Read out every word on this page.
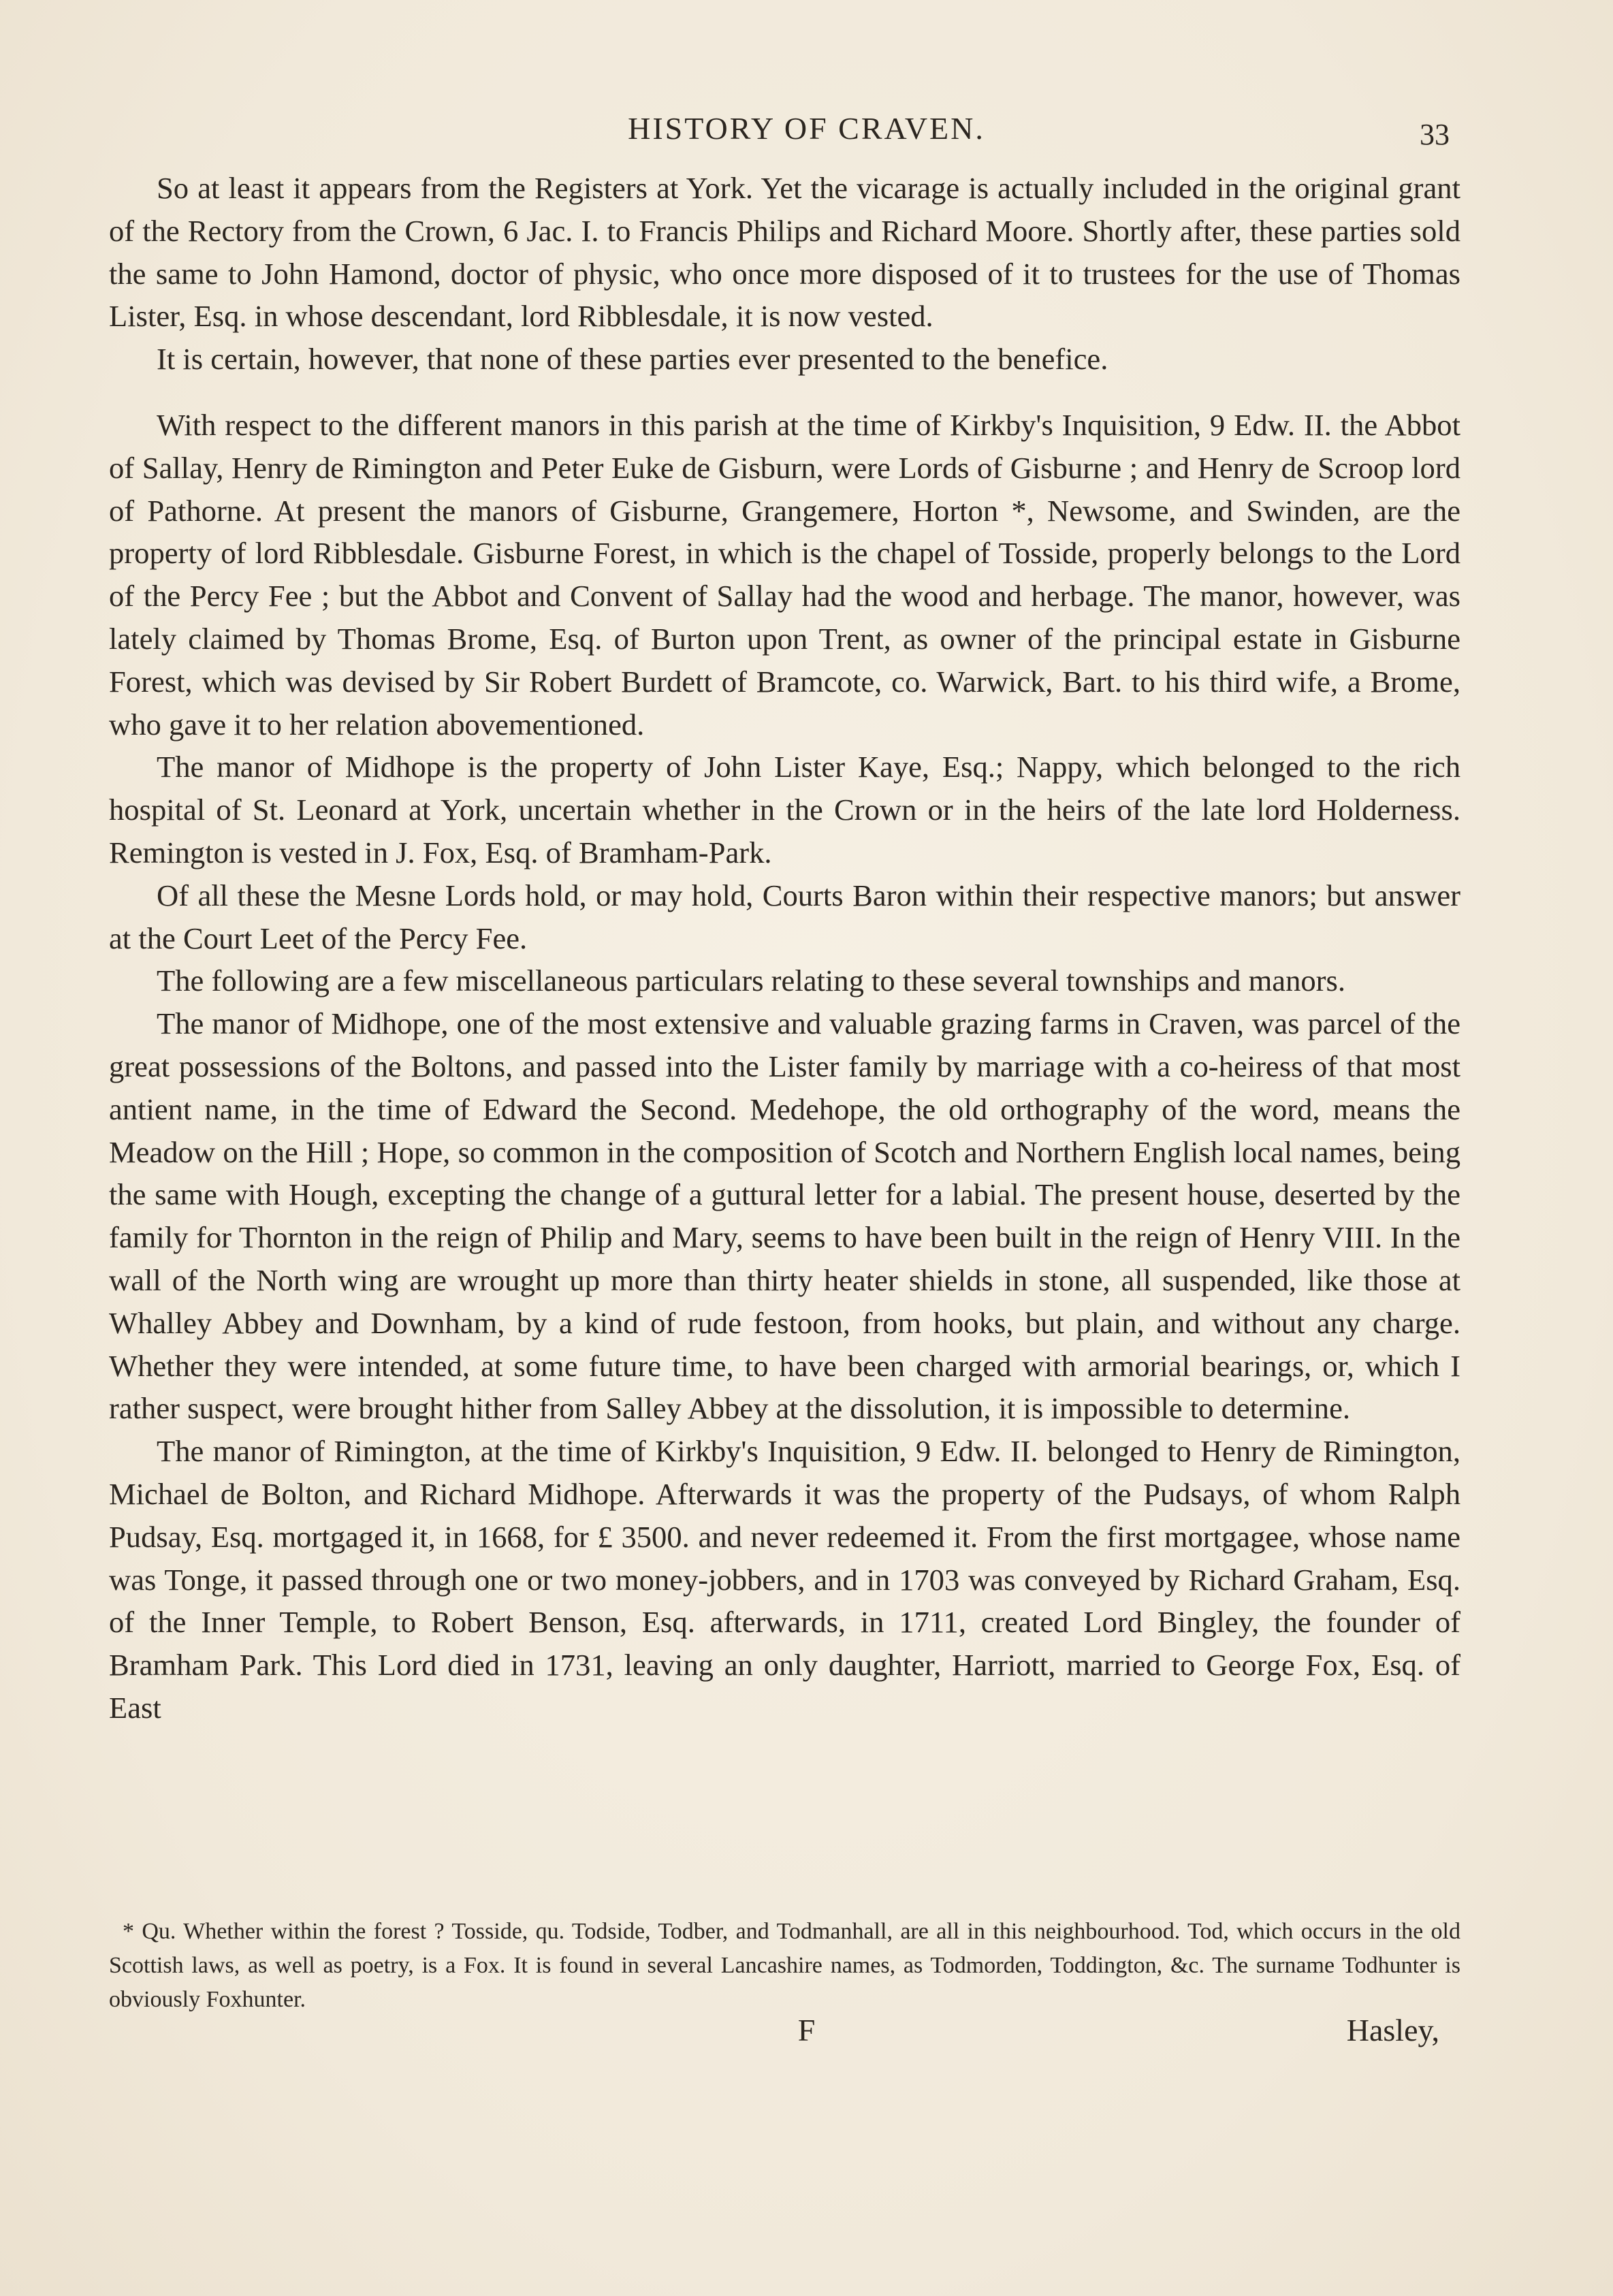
HISTORY OF CRAVEN.	33

So at least it appears from the Registers at York. Yet the vicarage is actually included in the original grant of the Rectory from the Crown, 6 Jac. I. to Francis Philips and Richard Moore. Shortly after, these parties sold the same to John Hamond, doctor of physic, who once more disposed of it to trustees for the use of Thomas Lister, Esq. in whose descendant, lord Ribblesdale, it is now vested.

It is certain, however, that none of these parties ever presented to the benefice.

With respect to the different manors in this parish at the time of Kirkby's Inquisition, 9 Edw. II. the Abbot of Sallay, Henry de Rimington and Peter Euke de Gisburn, were Lords of Gisburne ; and Henry de Scroop lord of Pathorne. At present the manors of Gisburne, Grangemere, Horton *, Newsome, and Swinden, are the property of lord Ribblesdale. Gisburne Forest, in which is the chapel of Tosside, properly belongs to the Lord of the Percy Fee ; but the Abbot and Convent of Sallay had the wood and herbage. The manor, however, was lately claimed by Thomas Brome, Esq. of Burton upon Trent, as owner of the principal estate in Gisburne Forest, which was devised by Sir Robert Burdett of Bramcote, co. Warwick, Bart. to his third wife, a Brome, who gave it to her relation abovementioned.

The manor of Midhope is the property of John Lister Kaye, Esq.; Nappy, which belonged to the rich hospital of St. Leonard at York, uncertain whether in the Crown or in the heirs of the late lord Holderness. Remington is vested in J. Fox, Esq. of Bramham-Park.

Of all these the Mesne Lords hold, or may hold, Courts Baron within their respective manors; but answer at the Court Leet of the Percy Fee.

The following are a few miscellaneous particulars relating to these several townships and manors.

The manor of Midhope, one of the most extensive and valuable grazing farms in Craven, was parcel of the great possessions of the Boltons, and passed into the Lister family by marriage with a co-heiress of that most antient name, in the time of Edward the Second. Medehope, the old orthography of the word, means the Meadow on the Hill ; Hope, so common in the composition of Scotch and Northern English local names, being the same with Hough, excepting the change of a guttural letter for a labial. The present house, deserted by the family for Thornton in the reign of Philip and Mary, seems to have been built in the reign of Henry VIII. In the wall of the North wing are wrought up more than thirty heater shields in stone, all suspended, like those at Whalley Abbey and Downham, by a kind of rude festoon, from hooks, but plain, and without any charge. Whether they were intended, at some future time, to have been charged with armorial bearings, or, which I rather suspect, were brought hither from Salley Abbey at the dissolution, it is impossible to determine.

The manor of Rimington, at the time of Kirkby's Inquisition, 9 Edw. II. belonged to Henry de Rimington, Michael de Bolton, and Richard Midhope. Afterwards it was the property of the Pudsays, of whom Ralph Pudsay, Esq. mortgaged it, in 1668, for £ 3500. and never redeemed it. From the first mortgagee, whose name was Tonge, it passed through one or two money-jobbers, and in 1703 was conveyed by Richard Graham, Esq. of the Inner Temple, to Robert Benson, Esq. afterwards, in 1711, created Lord Bingley, the founder of Bramham Park. This Lord died in 1731, leaving an only daughter, Harriott, married to George Fox, Esq. of East

* Qu. Whether within the forest ? Tosside, qu. Todside, Todber, and Todmanhall, are all in this neighbourhood. Tod, which occurs in the old Scottish laws, as well as poetry, is a Fox. It is found in several Lancashire names, as Todmorden, Toddington, &c. The surname Todhunter is obviously Foxhunter.

F	Hasley,
